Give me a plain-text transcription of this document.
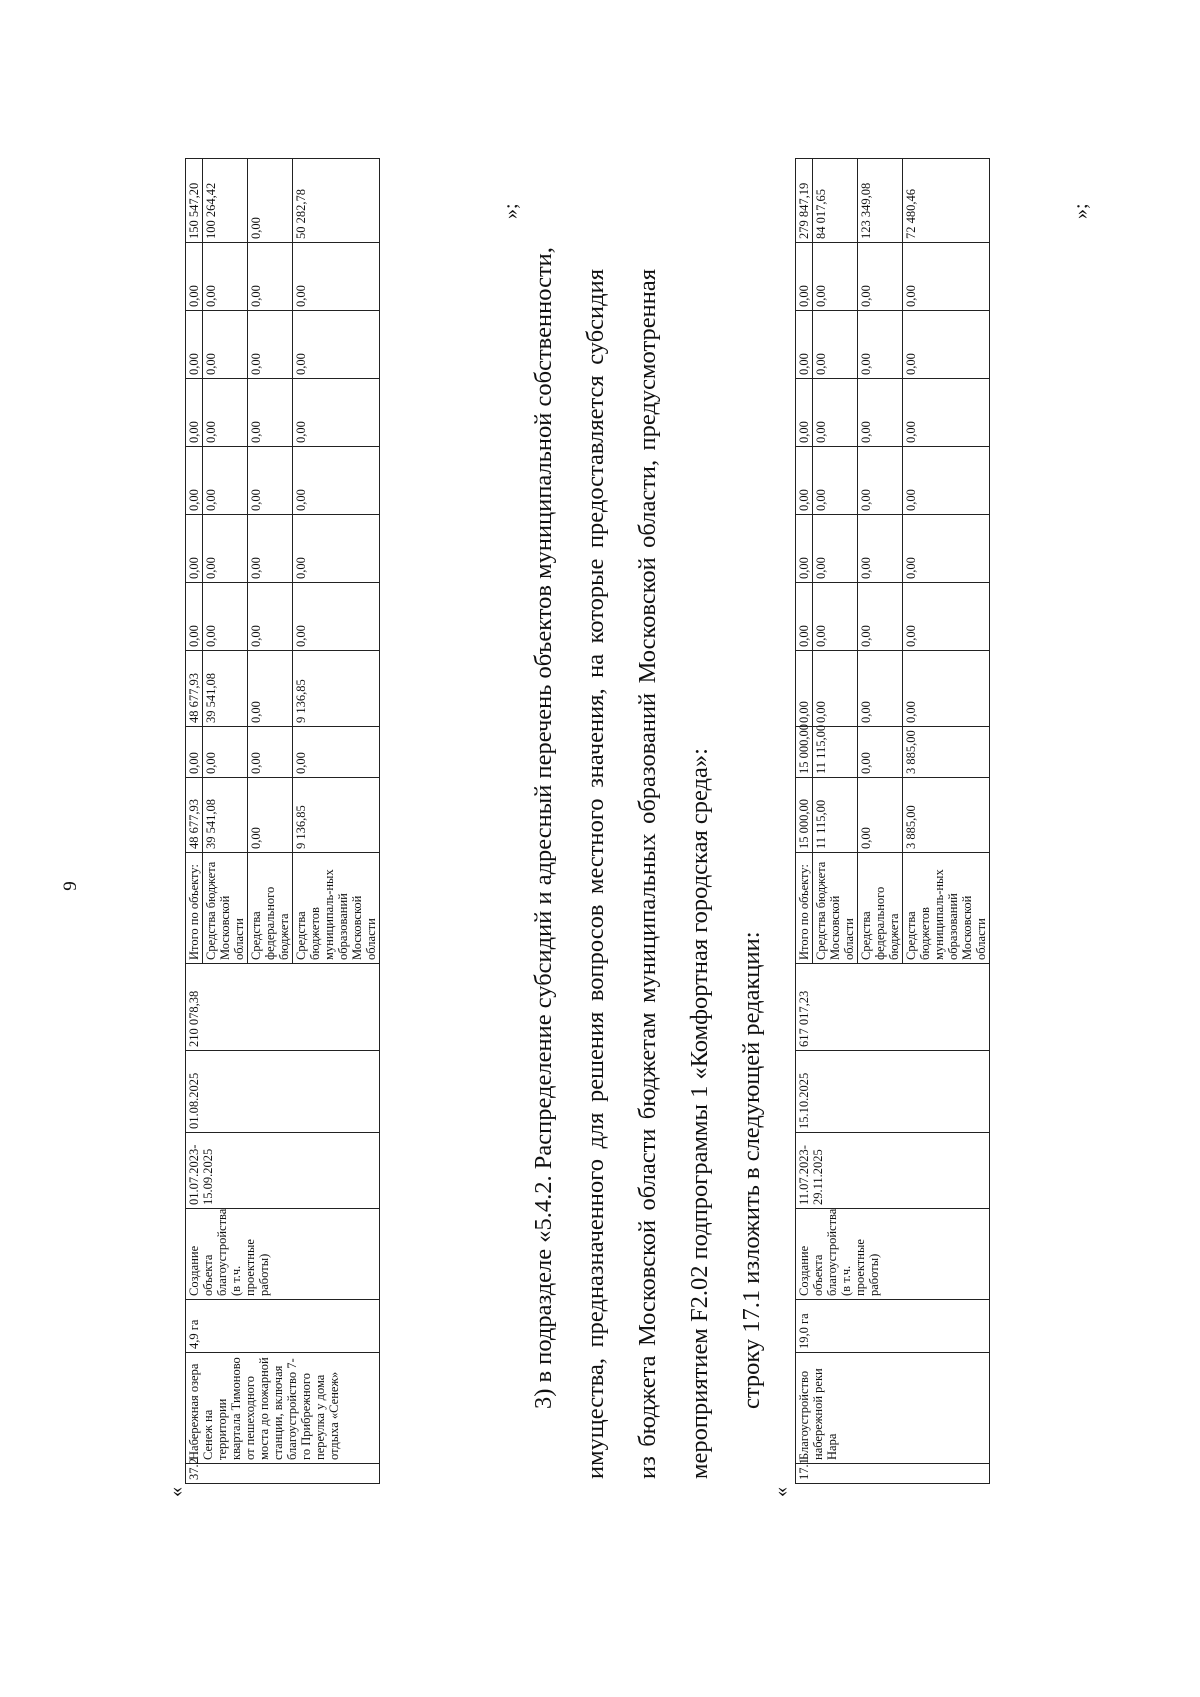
9
«
37.2	Набережная озера Сенеж на территории квартала Тимоново от пешеходного моста до пожарной станции, включая благоустройство 7-го Прибрежного переулка у дома отдыха «Сенеж»	4,9 га	Создание объекта благоустройства (в т.ч. проектные работы)	01.07.2023-15.09.2025	01.08.2025	210 078,38	Итого по объекту:	48 677,93	0,00	48 677,93	0,00	0,00	0,00	0,00	0,00	0,00	150 547,20
							Средства бюджета Московской области	39 541,08	0,00	39 541,08	0,00	0,00	0,00	0,00	0,00	0,00	100 264,42
							Средства федерального бюджета	0,00	0,00	0,00	0,00	0,00	0,00	0,00	0,00	0,00	0,00
							Средства бюджетов муниципаль-ных образований Московской области	9 136,85	0,00	9 136,85	0,00	0,00	0,00	0,00	0,00	0,00	50 282,78	»;
3) в подразделе «5.4.2. Распределение субсидий и адресный перечень объектов муниципальной собственности,	имущества, предназначенного для решения вопросов местного значения, на которые предоставляется субсидия	из бюджета Московской области бюджетам муниципальных образований Московской области, предусмотренная	мероприятием F2.02 подпрограммы 1 «Комфортная городская среда»:	строку 17.1 изложить в следующей редакции:
«
17.1	Благоустройство набережной реки Нара	19,0 га	Создание объекта благоустройства (в т.ч. проектные работы)	11.07.2023-29.11.2025	15.10.2025	617 017,23	Итого по объекту:	15 000,00	15 000,00	0,00	0,00	0,00	0,00	0,00	0,00	0,00	279 847,19
							Средства бюджета Московской области	11 115,00	11 115,00	0,00	0,00	0,00	0,00	0,00	0,00	0,00	84 017,65
							Средства федерального бюджета	0,00	0,00	0,00	0,00	0,00	0,00	0,00	0,00	0,00	123 349,08
							Средства бюджетов муниципаль-ных образований Московской области	3 885,00	3 885,00	0,00	0,00	0,00	0,00	0,00	0,00	0,00	72 480,46	»;
